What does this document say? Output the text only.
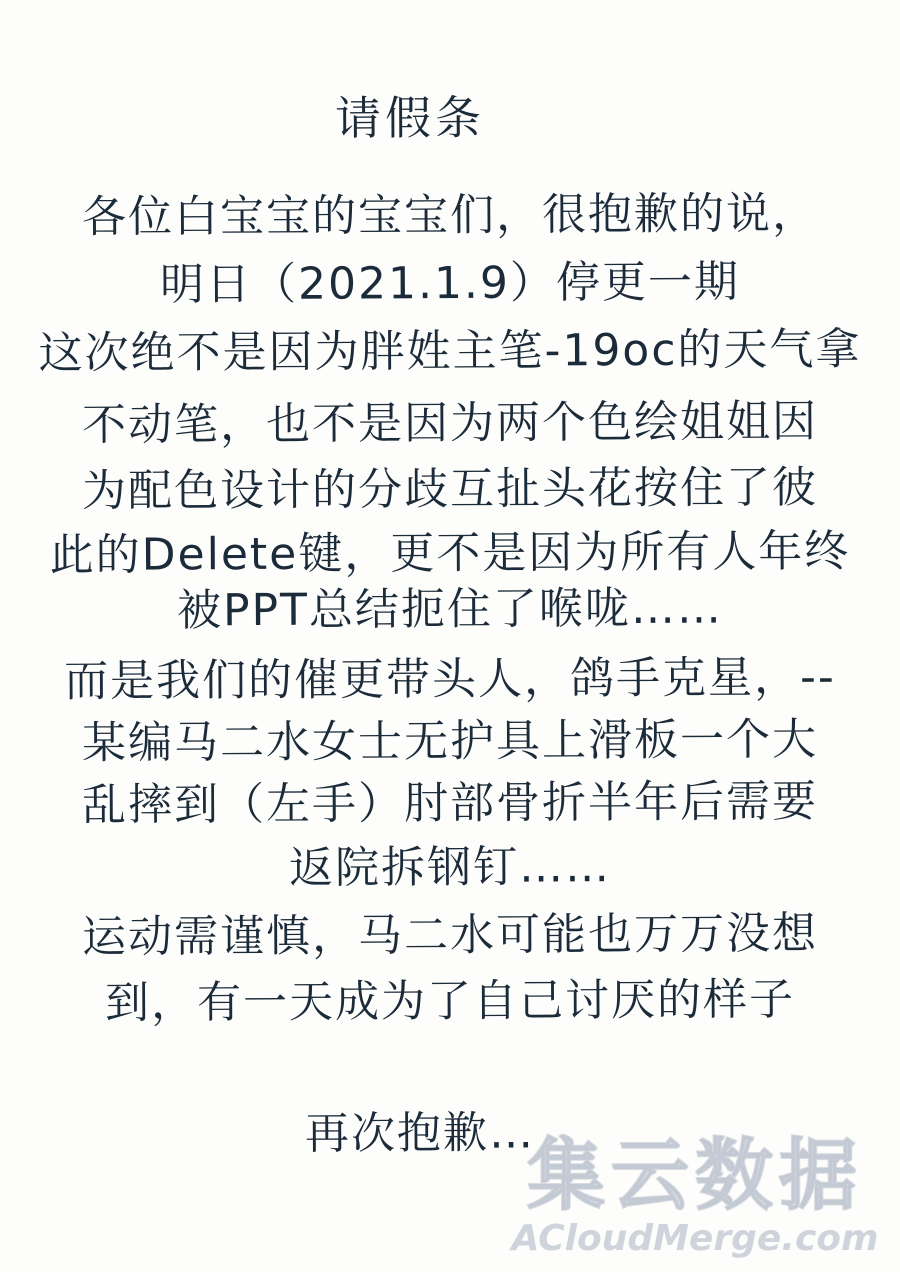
请假条
各位白宝宝的宝宝们，很抱歉的说，
明日（2021.1.9）停更一期
这次绝不是因为胖姓主笔-19oc的天气拿
不动笔，也不是因为两个色绘姐姐因
为配色设计的分歧互扯头花按住了彼
此的Delete键，更不是因为所有人年终
被PPT总结扼住了喉咙……
而是我们的催更带头人，鸽手克星，--
某编马二水女士无护具上滑板一个大
乱摔到（左手）肘部骨折半年后需要
返院拆钢钉……
运动需谨慎，马二水可能也万万没想
到，有一天成为了自己讨厌的样子
再次抱歉…
集云数据
ACloudMerge.com
